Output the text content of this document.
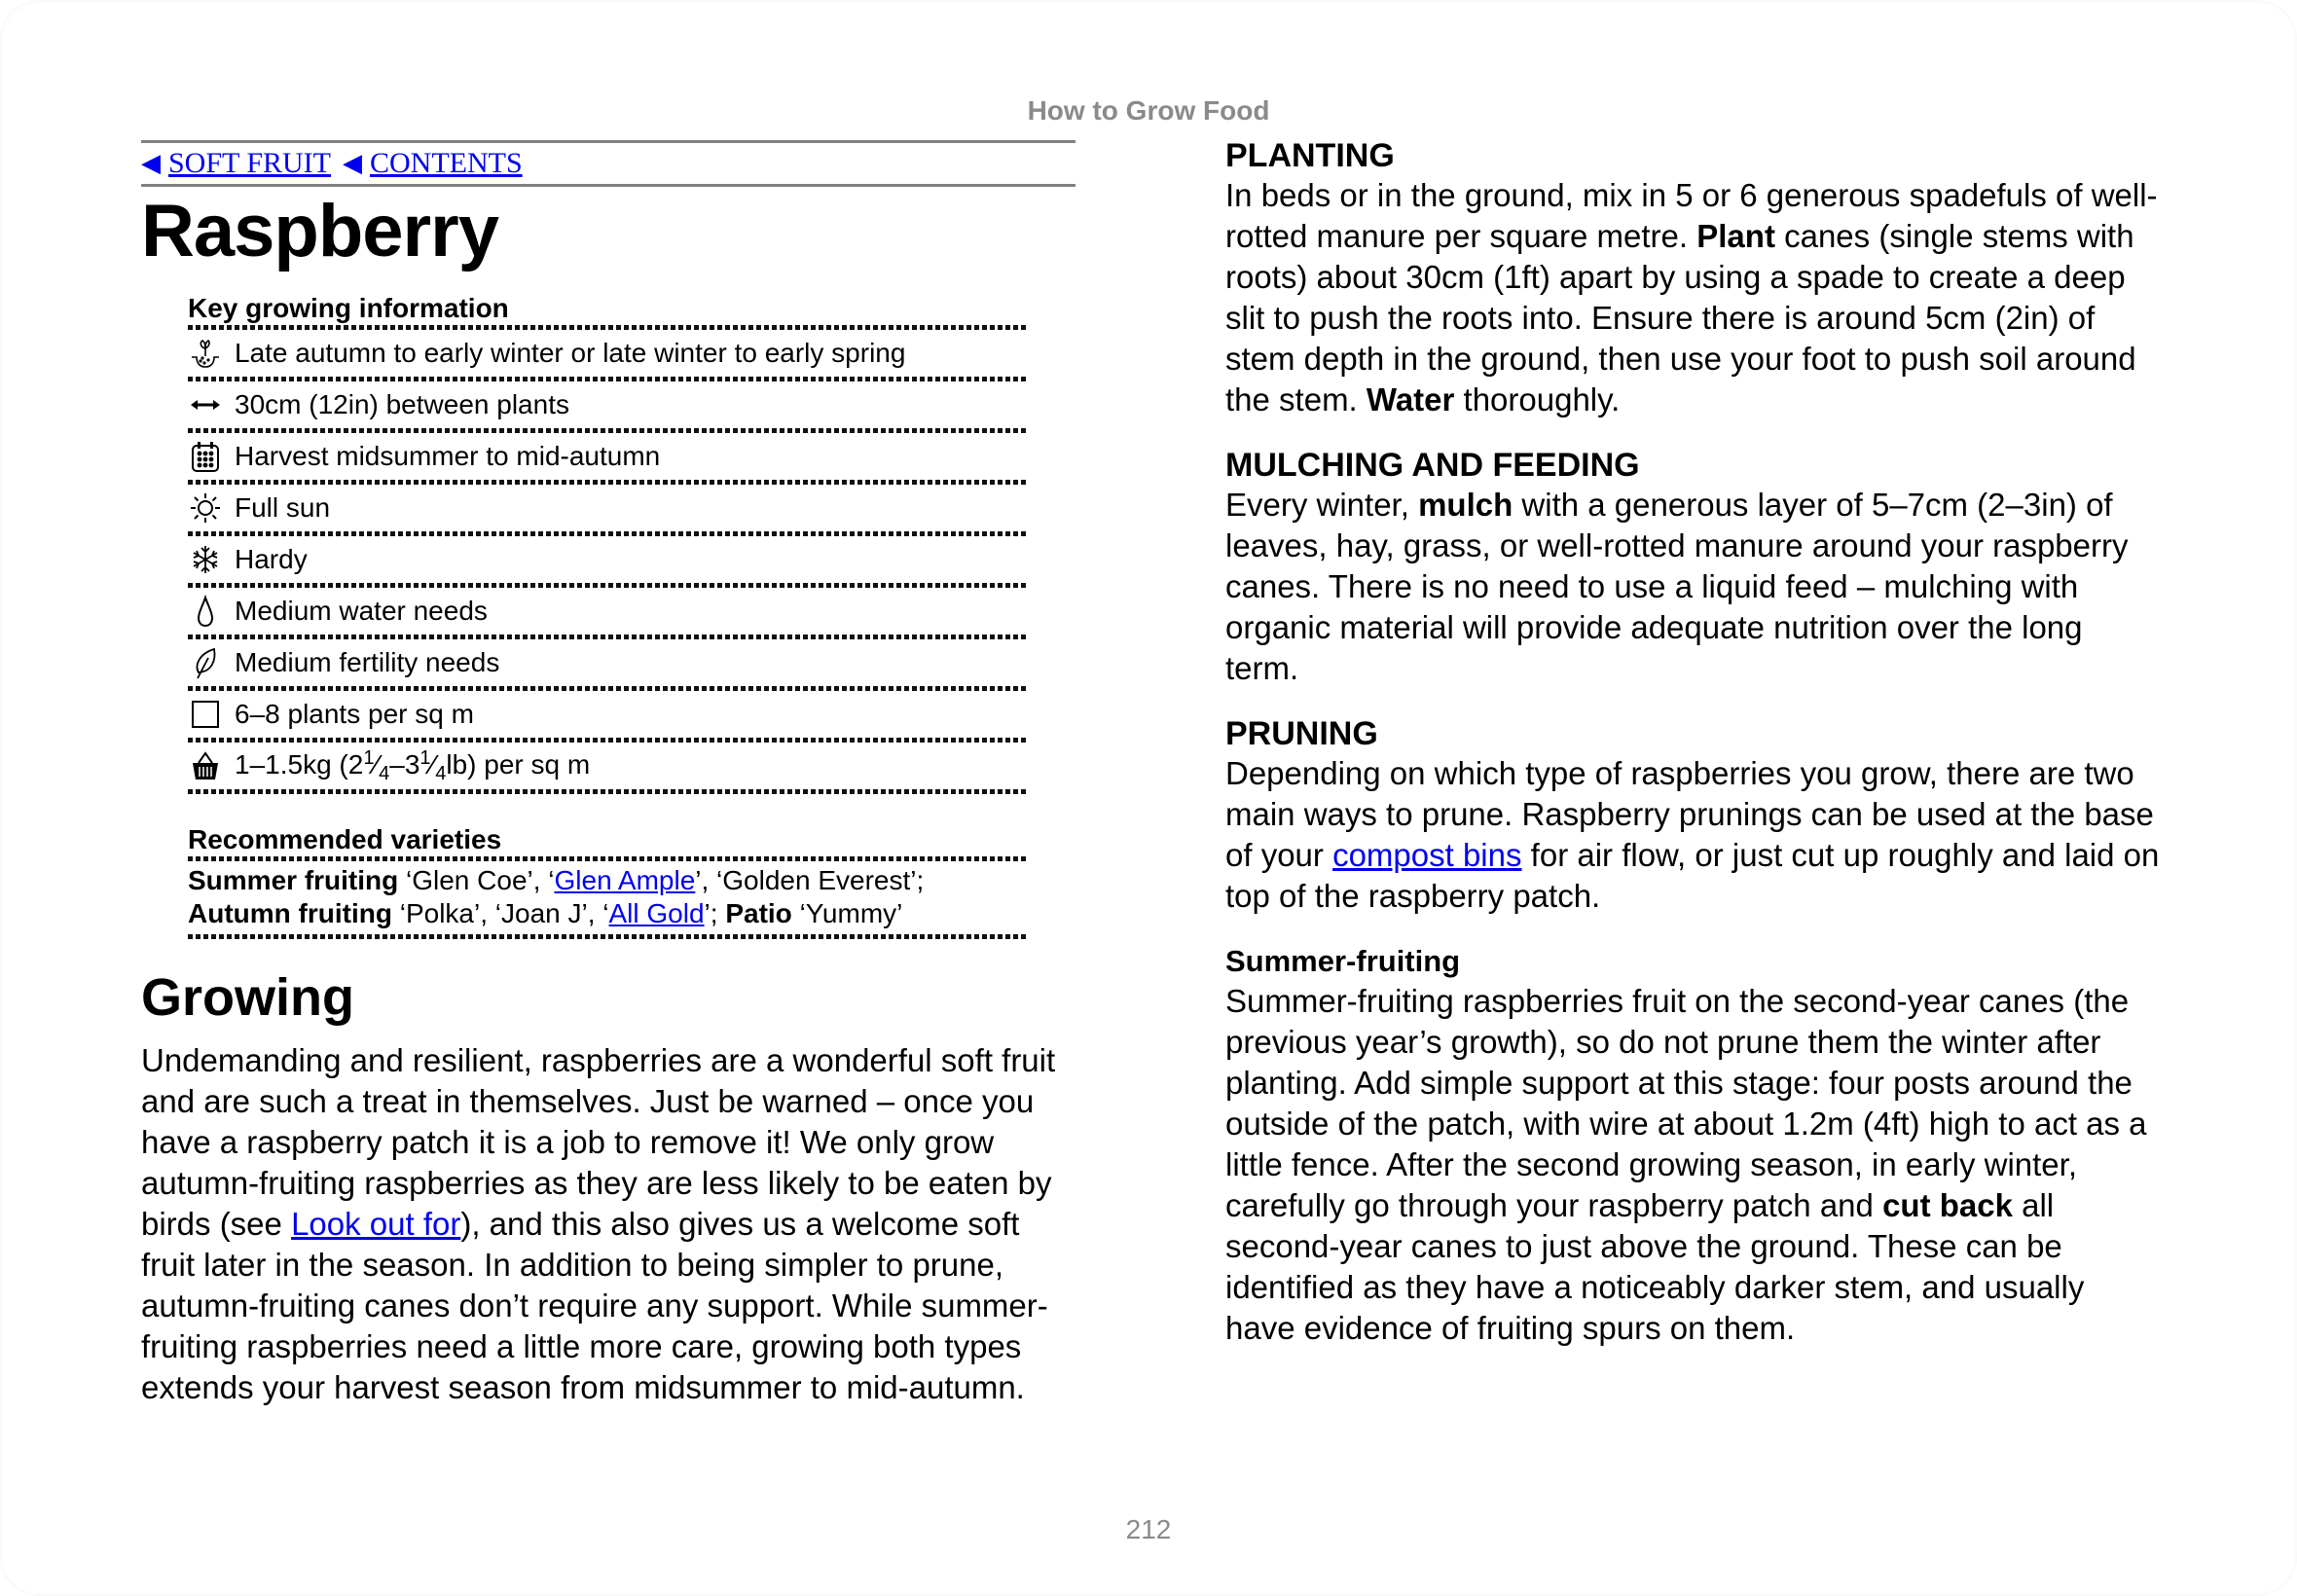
How to Grow Food
◀ SOFT FRUIT ◀ CONTENTS
Raspberry
Key growing information
Late autumn to early winter or late winter to early spring
30cm (12in) between plants
Harvest midsummer to mid-autumn
Full sun
Hardy
Medium water needs
Medium fertility needs
6–8 plants per sq m
1–1.5kg $(2^1⁄_4-3^1⁄_4lb)$ per sq m
Recommended varieties
Summer fruiting ‘Glen Coe’, ‘Glen Ample’, ‘Golden Everest’;
Autumn fruiting ‘Polka’, ‘Joan J’, ‘All Gold’; Patio ‘Yummy’
Growing

Undemanding and resilient, raspberries are a wonderful soft fruit and are such a treat in themselves. Just be warned – once you have a raspberry patch it is a job to remove it! We only grow autumn-fruiting raspberries as they are less likely to be eaten by birds (see Look out for), and this also gives us a welcome soft fruit later in the season. In addition to being simpler to prune, autumn-fruiting canes don’t require any support. While summer-fruiting raspberries need a little more care, growing both types extends your harvest season from midsummer to mid-autumn.

PLANTING

In beds or in the ground, mix in 5 or 6 generous spadefuls of well-rotted manure per square metre. Plant canes (single stems with roots) about 30cm (1ft) apart by using a spade to create a deep slit to push the roots into. Ensure there is around 5cm (2in) of stem depth in the ground, then use your foot to push soil around the stem. Water thoroughly.

MULCHING AND FEEDING

Every winter, mulch with a generous layer of 5–7cm (2–3in) of leaves, hay, grass, or well-rotted manure around your raspberry canes. There is no need to use a liquid feed – mulching with organic material will provide adequate nutrition over the long term.

PRUNING

Depending on which type of raspberries you grow, there are two main ways to prune. Raspberry prunings can be used at the base of your compost bins for air flow, or just cut up roughly and laid on top of the raspberry patch.

Summer-fruiting

Summer-fruiting raspberries fruit on the second-year canes (the previous year’s growth), so do not prune them the winter after planting. Add simple support at this stage: four posts around the outside of the patch, with wire at about 1.2m (4ft) high to act as a little fence. After the second growing season, in early winter, carefully go through your raspberry patch and cut back all second-year canes to just above the ground. These can be identified as they have a noticeably darker stem, and usually have evidence of fruiting spurs on them.

212
